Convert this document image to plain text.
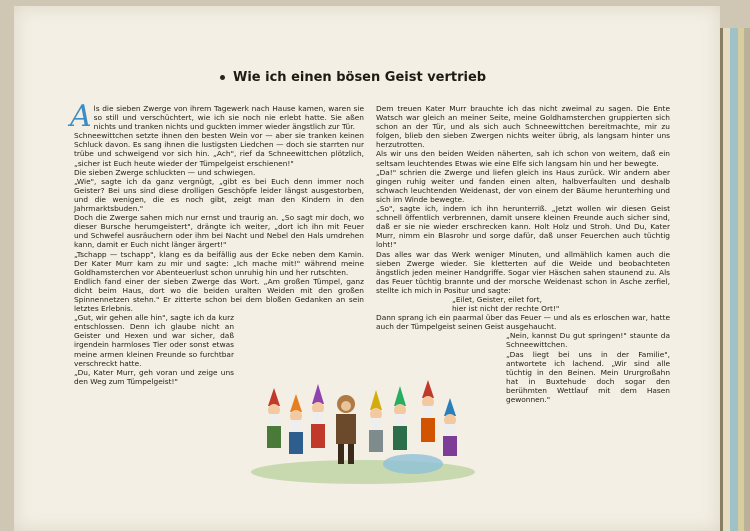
Wie ich einen bösen Geist vertrieb

Als die sieben Zwerge von ihrem Tagewerk nach Hause kamen, waren sie so still und verschüchtert, wie ich sie noch nie erlebt hatte. Sie aßen nichts und tranken nichts und guckten immer wieder ängstlich zur Tür.

Schneewittchen setzte ihnen den besten Wein vor — aber sie tranken keinen Schluck davon. Es sang ihnen die lustigsten Liedchen — doch sie starrten nur trübe und schweigend vor sich hin. „Ach", rief da Schneewittchen plötzlich, „sicher ist Euch heute wieder der Tümpelgeist erschienen!"

Die sieben Zwerge schluckten — und schwiegen.

„Wie", sagte ich da ganz vergnügt, „gibt es bei Euch denn immer noch Geister? Bei uns sind diese drolligen Geschöpfe leider längst ausgestorben, und die wenigen, die es noch gibt, zeigt man den Kindern in den Jahrmarktsbuden."

Doch die Zwerge sahen mich nur ernst und traurig an. „So sagt mir doch, wo dieser Bursche herumgeistert", drängte ich weiter, „dort ich ihn mit Feuer und Schwefel ausräuchern oder ihm bei Nacht und Nebel den Hals umdrehen kann, damit er Euch nicht länger ärgert!"

„Tschapp — tschapp", klang es da beifällig aus der Ecke neben dem Kamin. Der Kater Murr kam zu mir und sagte: „Ich mache mit!" während meine Goldhamsterchen vor Abenteuerlust schon unruhig hin und her rutschten.

Endlich fand einer der sieben Zwerge das Wort. „Am großen Tümpel, ganz dicht beim Haus, dort wo die beiden uralten Weiden mit den großen Spinnennetzen stehn." Er zitterte schon bei dem bloßen Gedanken an sein letztes Erlebnis.

„Gut, wir gehen alle hin", sagte ich da kurz entschlossen. Denn ich glaube nicht an Geister und Hexen und war sicher, daß irgendein harmloses Tier oder sonst etwas meine armen kleinen Freunde so furchtbar verschreckt hatte.

„Du, Kater Murr, geh voran und zeige uns den Weg zum Tümpelgeist!"

Dem treuen Kater Murr brauchte ich das nicht zweimal zu sagen. Die Ente Watsch war gleich an meiner Seite, meine Goldhamsterchen gruppierten sich schon an der Tür, und als sich auch Schneewittchen bereitmachte, mir zu folgen, blieb den sieben Zwergen nichts weiter übrig, als langsam hinter uns herzutrotten.

Als wir uns den beiden Weiden näherten, sah ich schon von weitem, daß ein seltsam leuchtendes Etwas wie eine Elfe sich langsam hin und her bewegte.

„Da!" schrien die Zwerge und liefen gleich ins Haus zurück. Wir andern aber gingen ruhig weiter und fanden einen alten, halbverfaulten und deshalb schwach leuchtenden Weidenast, der von einem der Bäume herunterhing und sich im Winde bewegte.

„So", sagte ich, indem ich ihn herunterriß. „Jetzt wollen wir diesen Geist schnell öffentlich verbrennen, damit unsere kleinen Freunde auch sicher sind, daß er sie nie wieder erschrecken kann. Holt Holz und Stroh. Und Du, Kater Murr, nimm ein Blasrohr und sorge dafür, daß unser Feuerchen auch tüchtig loht!"

Das alles war das Werk weniger Minuten, und allmählich kamen auch die sieben Zwerge wieder. Sie kletterten auf die Weide und beobachteten ängstlich jeden meiner Handgriffe. Sogar vier Häschen sahen staunend zu. Als das Feuer tüchtig brannte und der morsche Weidenast schon in Asche zerfiel, stellte ich mich in Positur und sagte:

„Eilet, Geister, eilet fort,

hier ist nicht der rechte Ort!"

Dann sprang ich ein paarmal über das Feuer — und als es erloschen war, hatte auch der Tümpelgeist seinen Geist ausgehaucht.

„Nein, kannst Du gut springen!" staunte da Schneewittchen.

„Das liegt bei uns in der Familie", antwortete ich lachend. „Wir sind alle tüchtig in den Beinen. Mein Ururgroßahn hat in Buxtehude doch sogar den berühmten Wettlauf mit dem Hasen gewonnen."
